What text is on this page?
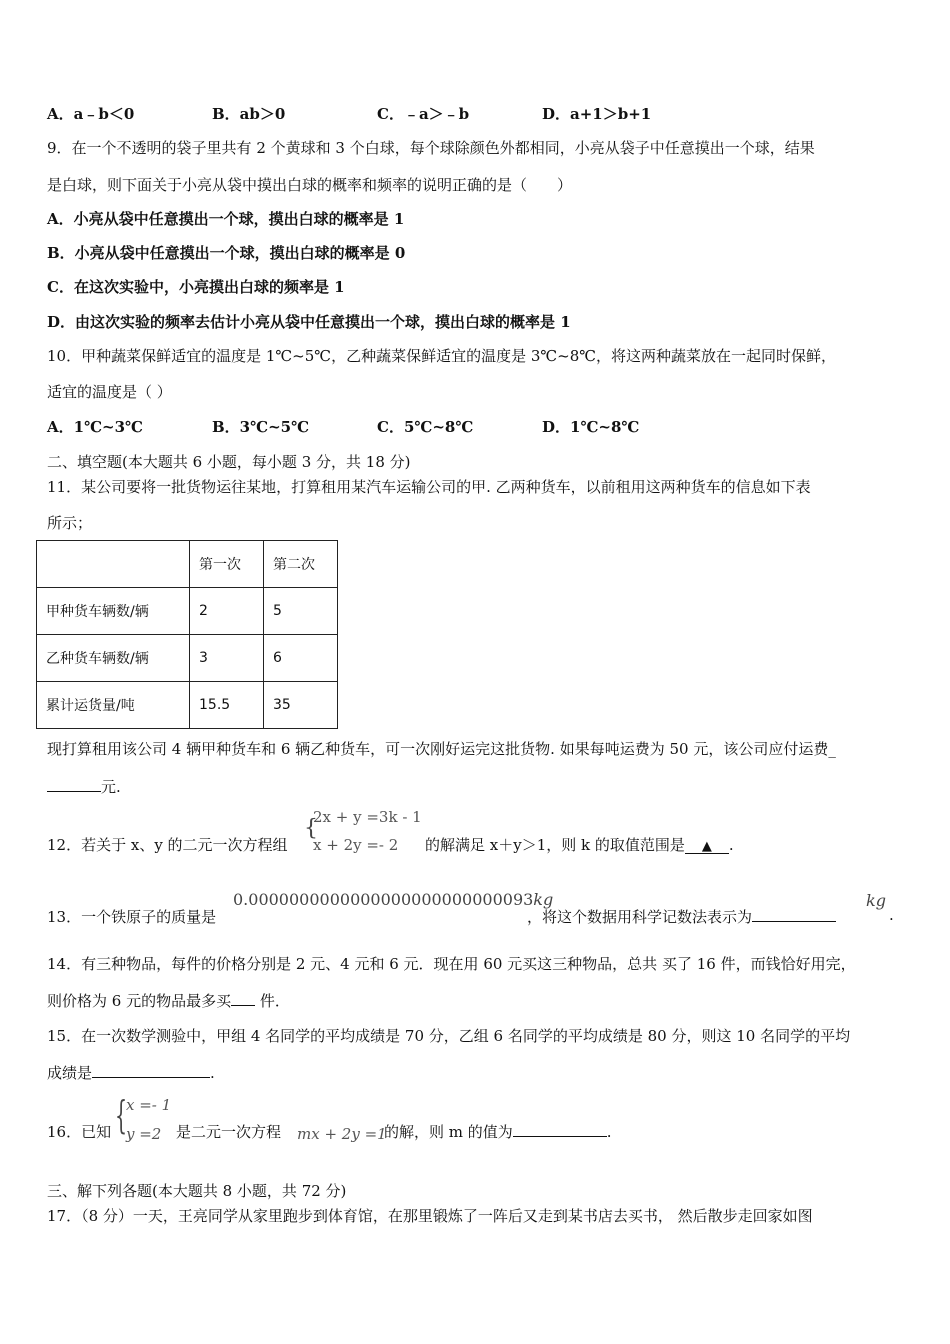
A．a﹣b＜0	B．ab＞0	C．﹣a＞﹣b	D．a+1＞b+1
9．在一个不透明的袋子里共有 2 个黄球和 3 个白球，每个球除颜色外都相同，小亮从袋子中任意摸出一个球，结果
是白球，则下面关于小亮从袋中摸出白球的概率和频率的说明正确的是（　　）
A．小亮从袋中任意摸出一个球，摸出白球的概率是 1
B．小亮从袋中任意摸出一个球，摸出白球的概率是 0
C．在这次实验中，小亮摸出白球的频率是 1
D．由这次实验的频率去估计小亮从袋中任意摸出一个球，摸出白球的概率是 1
10．甲种蔬菜保鲜适宜的温度是 1℃~5℃，乙种蔬菜保鲜适宜的温度是 3℃~8℃，将这两种蔬菜放在一起同时保鲜，
适宜的温度是（ ）
A．1℃~3℃	B．3℃~5℃	C．5℃~8℃	D．1℃~8℃
二、填空题(本大题共 6 小题，每小题 3 分，共 18 分)
11．某公司要将一批货物运往某地，打算租用某汽车运输公司的甲. 乙两种货车，以前租用这两种货车的信息如下表
所示；
	第一次	第二次
甲种货车辆数/辆	2	5
乙种货车辆数/辆	3	6
累计运货量/吨	15.5	35
现打算租用该公司 4 辆甲种货车和 6 辆乙种货车，可一次刚好运完这批货物. 如果每吨运费为 50 元，该公司应付运费_
元.
{
2x + y =3k - 1
x + 2y =- 2
12．若关于 x、y 的二元一次方程组	的解满足 x＋y＞1，则 k 的取值范围是 ▲ .
13．一个铁原子的质量是
0.0000000000000000000000000093kg
，将这个数据用科学记数法表示为
kg
.
14．有三种物品，每件的价格分别是 2 元、4 元和 6 元．现在用 60 元买这三种物品，总共 买了 16 件，而钱恰好用完，
则价格为 6 元的物品最多买 件．
15．在一次数学测验中，甲组 4 名同学的平均成绩是 70 分，乙组 6 名同学的平均成绩是 80 分，则这 10 名同学的平均
成绩是	.
16．已知 {
x =- 1
y =2 是二元一次方程 mx + 2y =1
的解，则 m 的值为	.
三、解下列各题(本大题共 8 小题，共 72 分)
17．（8 分）一天，王亮同学从家里跑步到体育馆，在那里锻炼了一阵后又走到某书店去买书， 然后散步走回家如图
